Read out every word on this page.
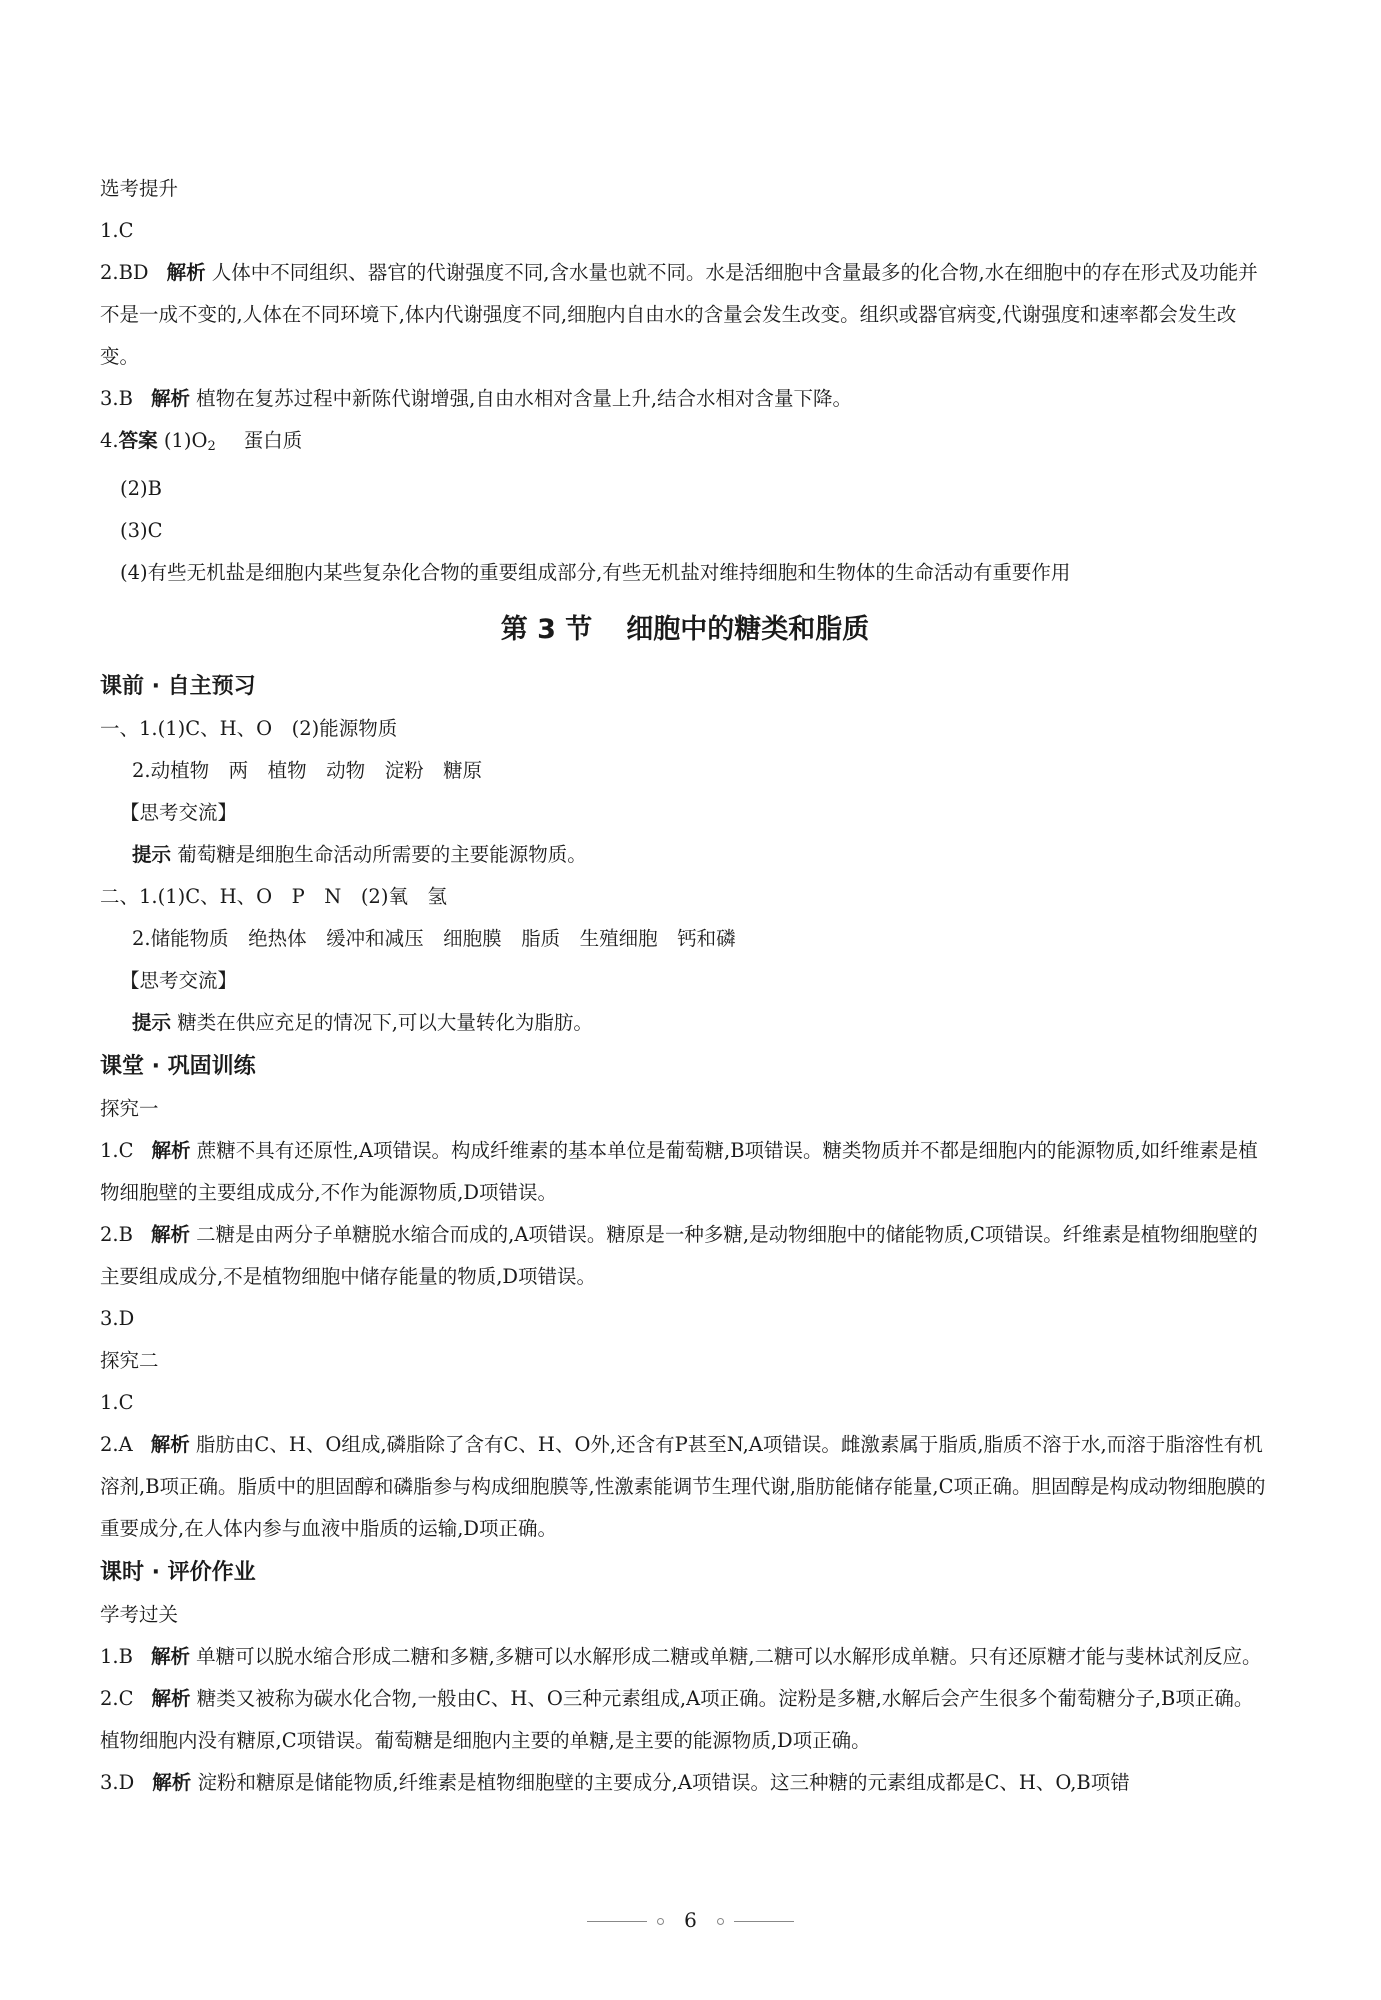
选考提升
1.C
2.BD 解析 人体中不同组织、器官的代谢强度不同,含水量也就不同。水是活细胞中含量最多的化合物,水在细胞中的存在形式及功能并不是一成不变的,人体在不同环境下,体内代谢强度不同,细胞内自由水的含量会发生改变。组织或器官病变,代谢强度和速率都会发生改变。
3.B 解析 植物在复苏过程中新陈代谢增强,自由水相对含量上升,结合水相对含量下降。
4.答案 $(1)O_2$ 蛋白质
(2)B
(3)C
(4)有些无机盐是细胞内某些复杂化合物的重要组成部分,有些无机盐对维持细胞和生物体的生命活动有重要作用
第 3 节 细胞中的糖类和脂质
课前 · 自主预习
一、1.(1)C、H、O　(2)能源物质
2.动植物　两　植物　动物　淀粉　糖原
【思考交流】
提示 葡萄糖是细胞生命活动所需要的主要能源物质。
二、1.(1)C、H、O　P　N　(2)氧　氢
2.储能物质　绝热体　缓冲和减压　细胞膜　脂质　生殖细胞　钙和磷
【思考交流】
提示 糖类在供应充足的情况下,可以大量转化为脂肪。
课堂 · 巩固训练
探究一
1.C 解析 蔗糖不具有还原性,A项错误。构成纤维素的基本单位是葡萄糖,B项错误。糖类物质并不都是细胞内的能源物质,如纤维素是植物细胞壁的主要组成成分,不作为能源物质,D项错误。
2.B 解析 二糖是由两分子单糖脱水缩合而成的,A项错误。糖原是一种多糖,是动物细胞中的储能物质,C项错误。纤维素是植物细胞壁的主要组成成分,不是植物细胞中储存能量的物质,D项错误。
3.D
探究二
1.C
2.A 解析 脂肪由C、H、O组成,磷脂除了含有C、H、O外,还含有P甚至N,A项错误。雌激素属于脂质,脂质不溶于水,而溶于脂溶性有机溶剂,B项正确。脂质中的胆固醇和磷脂参与构成细胞膜等,性激素能调节生理代谢,脂肪能储存能量,C项正确。胆固醇是构成动物细胞膜的重要成分,在人体内参与血液中脂质的运输,D项正确。
课时 · 评价作业
学考过关
1.B 解析 单糖可以脱水缩合形成二糖和多糖,多糖可以水解形成二糖或单糖,二糖可以水解形成单糖。只有还原糖才能与斐林试剂反应。
2.C 解析 糖类又被称为碳水化合物,一般由C、H、O三种元素组成,A项正确。淀粉是多糖,水解后会产生很多个葡萄糖分子,B项正确。植物细胞内没有糖原,C项错误。葡萄糖是细胞内主要的单糖,是主要的能源物质,D项正确。
3.D 解析 淀粉和糖原是储能物质,纤维素是植物细胞壁的主要成分,A项错误。这三种糖的元素组成都是C、H、O,B项错
6
